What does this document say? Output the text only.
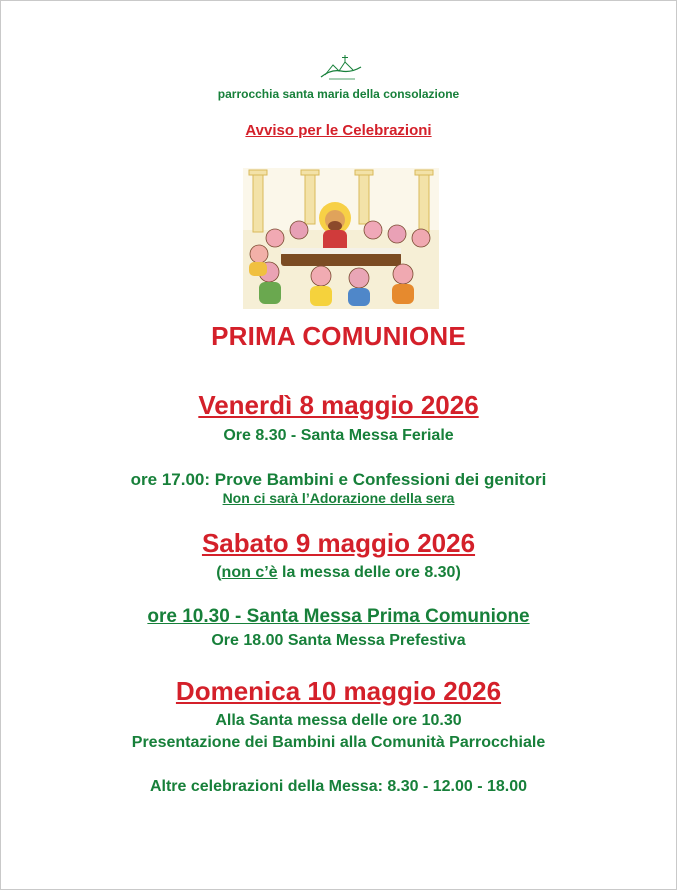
parrocchia santa maria della consolazione
Avviso per le Celebrazioni
PRIMA COMUNIONE
Venerdì 8 maggio 2026
Ore 8.30 - Santa Messa Feriale
ore 17.00: Prove Bambini e Confessioni dei genitori
Non ci sarà l’Adorazione della sera
Sabato 9 maggio 2026
(non c’è la messa delle ore 8.30)
ore 10.30 - Santa Messa Prima Comunione
Ore 18.00 Santa Messa Prefestiva
Domenica 10 maggio 2026
Alla Santa messa delle ore 10.30
Presentazione dei Bambini alla Comunità Parrocchiale
Altre celebrazioni della Messa: 8.30 - 12.00 - 18.00
